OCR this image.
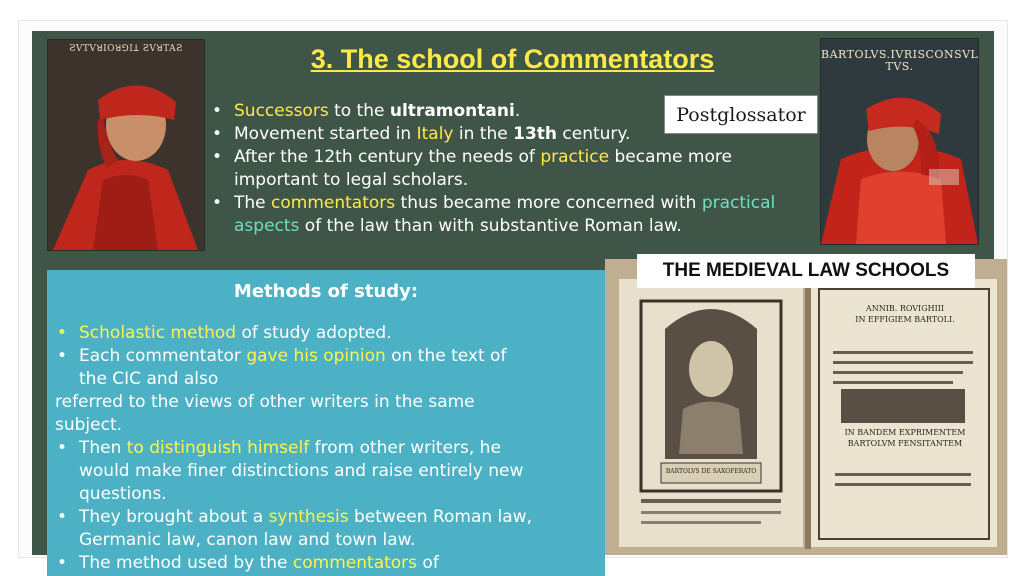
ƧVTVꓤIOꓤꓨIꓕ ƧVꓤTAƧ	3. The school of Commentators
• Successors to the ultramontani.
• Movement started in Italy in the 13th century.
• After the 12th century the needs of practice became more important to legal scholars.
• The commentators thus became more concerned with practical aspects of the law than with substantive Roman law.
Postglossator
BARTOLVS.IVRISCONSVL TVS.
Methods of study:
• Scholastic method of study adopted.
• Each commentator gave his opinion on the text of
the CIC and also
referred to the views of other writers in the same
subject.
• Then to distinguish himself from other writers, he
would make finer distinctions and raise entirely new
questions.
• They brought about a synthesis between Roman law,
Germanic law, canon law and town law.
• The method used by the commentators of
ANNIB. ROVIGHIII
IN EFFIGIEM BARTOLI.
IN BANDEM EXPRIMENTEM
BARTOLVM FENSITANTEM
BARTOLVS DE SAXOFERATO
THE MEDIEVAL LAW SCHOOLS
